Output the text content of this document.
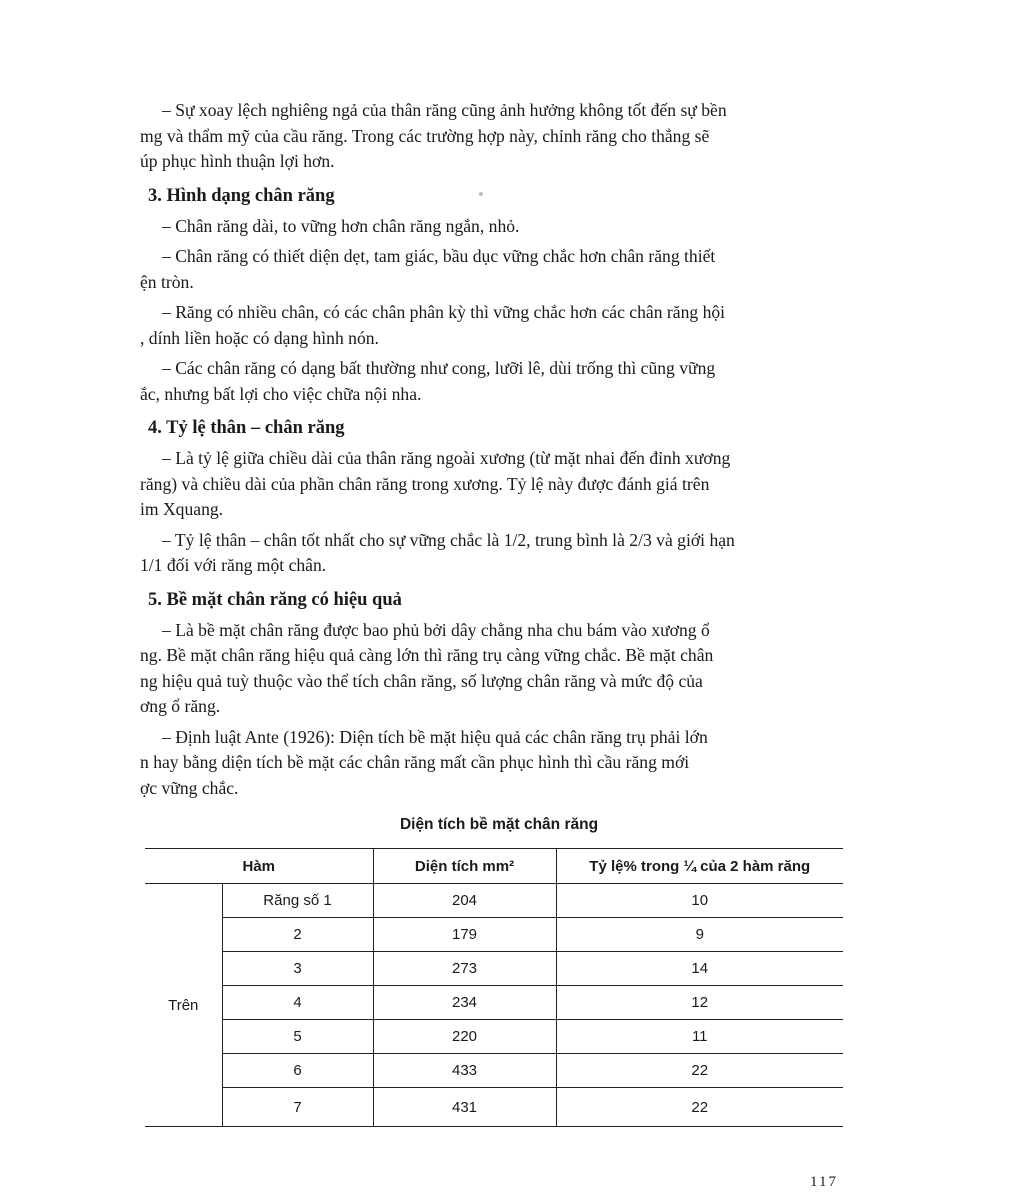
– Sự xoay lệch nghiêng ngả của thân răng cũng ảnh hưởng không tốt đến sự bền
mg và thẩm mỹ của cầu răng. Trong các trường hợp này, chỉnh răng cho thẳng sẽ
úp phục hình thuận lợi hơn.

3. Hình dạng chân răng

– Chân răng dài, to vững hơn chân răng ngắn, nhỏ.

– Chân răng có thiết diện dẹt, tam giác, bầu dục vững chắc hơn chân răng thiết
ện tròn.

– Răng có nhiều chân, có các chân phân kỳ thì vững chắc hơn các chân răng hội
, dính liền hoặc có dạng hình nón.

– Các chân răng có dạng bất thường như cong, lưỡi lê, dùi trống thì cũng vững
ắc, nhưng bất lợi cho việc chữa nội nha.

4. Tỷ lệ thân – chân răng

– Là tỷ lệ giữa chiều dài của thân răng ngoài xương (từ mặt nhai đến đỉnh xương
răng) và chiều dài của phần chân răng trong xương. Tỷ lệ này được đánh giá trên
im Xquang.

– Tỷ lệ thân – chân tốt nhất cho sự vững chắc là 1/2, trung bình là 2/3 và giới hạn
1/1 đối với răng một chân.

5. Bề mặt chân răng có hiệu quả

– Là bề mặt chân răng được bao phủ bởi dây chằng nha chu bám vào xương ổ
ng. Bề mặt chân răng hiệu quả càng lớn thì răng trụ càng vững chắc. Bề mặt chân
ng hiệu quả tuỳ thuộc vào thể tích chân răng, số lượng chân răng và mức độ của
ơng ổ răng.

– Định luật Ante (1926): Diện tích bề mặt hiệu quả các chân răng trụ phải lớn
n hay bằng diện tích bề mặt các chân răng mất cần phục hình thì cầu răng mới
ợc vững chắc.

Diện tích bề mặt chân răng
Hàm		Diện tích mm²	Tỷ lệ% trong ¼ của 2 hàm răng
Trên	Răng số 1	204	10
	2	179	9
	3	273	14
	4	234	12
	5	220	11
	6	433	22
	7	431	22
117
